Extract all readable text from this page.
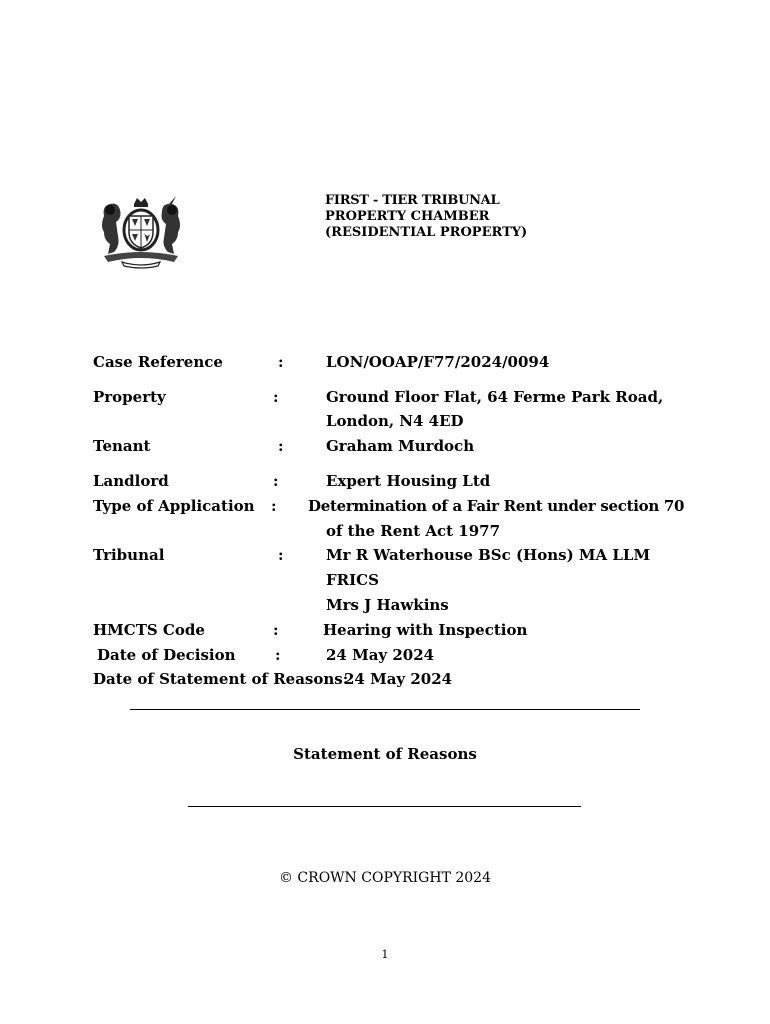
FIRST - TIER TRIBUNAL
PROPERTY CHAMBER
(RESIDENTIAL PROPERTY)
Case Reference	:	LON/OOAP/F77/2024/0094
Property	:	Ground Floor Flat, 64 Ferme Park Road,
London, N4 4ED
Tenant	:	Graham Murdoch
Landlord	:	Expert Housing Ltd
Type of Application : Determination of a Fair Rent under section 70
of the Rent Act 1977
Tribunal	:	Mr R Waterhouse BSc (Hons) MA LLM
FRICS
Mrs J Hawkins
HMCTS Code	:	Hearing with Inspection
Date of Decision	:	24 May 2024
Date of Statement of Reasons:
24 May 2024
Statement of Reasons
© CROWN COPYRIGHT 2024
1
